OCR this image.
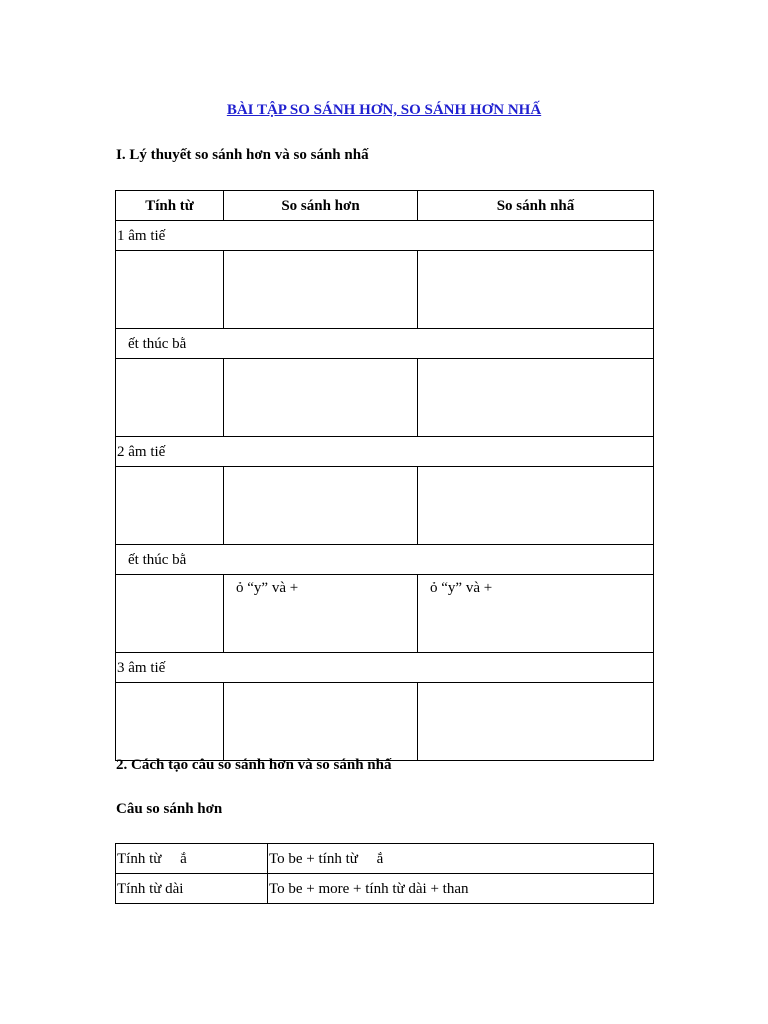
BÀI TẬP SO SÁNH HƠN, SO SÁNH HƠN NHẤ
I. Lý thuyết so sánh hơn và so sánh nhấ
Tính từ	So sánh hơn	So sánh nhấ
1 âm tiế		

ết thúc bằ		

2 âm tiế		

ết thúc bằ		
	ỏ “y” và +	ỏ “y” và +
3 âm tiế		

2. Cách tạo câu so sánh hơn và so sánh nhấ
Câu so sánh hơn
Tính từ     ắ	To be + tính từ     ắ
Tính từ dài	To be + more + tính từ dài + than
